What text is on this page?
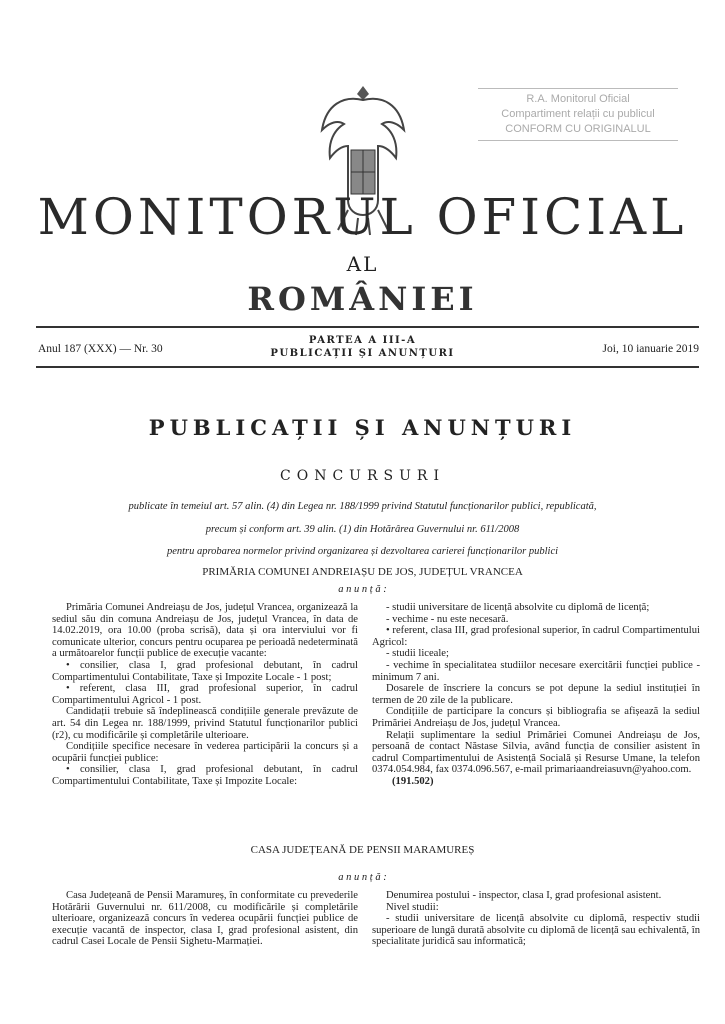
R.A. Monitorul Oficial
Compartiment relații cu publicul
CONFORM CU ORIGINALUL
MONITORUL OFICIAL
AL
ROMÂNIEI
Anul 187 (XXX) — Nr. 30
PARTEA A III-A
PUBLICAȚII ȘI ANUNȚURI	Joi, 10 ianuarie 2019
PUBLICAȚII ȘI ANUNȚURI
CONCURSURI
publicate în temeiul art. 57 alin. (4) din Legea nr. 188/1999 privind Statutul funcționarilor publici, republicată,
precum și conform art. 39 alin. (1) din Hotărârea Guvernului nr. 611/2008
pentru aprobarea normelor privind organizarea și dezvoltarea carierei funcționarilor publici
PRIMĂRIA COMUNEI ANDREIAȘU DE JOS, JUDEȚUL VRANCEA
a n u n ț ă :

Primăria Comunei Andreiașu de Jos, județul Vrancea, organizează la sediul său din comuna Andreiașu de Jos, județul Vrancea, în data de 14.02.2019, ora 10.00 (proba scrisă), data și ora interviului vor fi comunicate ulterior, concurs pentru ocuparea pe perioadă nedeterminată a următoarelor funcții publice de execuție vacante:

• consilier, clasa I, grad profesional debutant, în cadrul Compartimentului Contabilitate, Taxe și Impozite Locale - 1 post;

• referent, clasa III, grad profesional superior, în cadrul Compartimentului Agricol - 1 post.

Candidații trebuie să îndeplinească condițiile generale prevăzute de art. 54 din Legea nr. 188/1999, privind Statutul funcționarilor publici (r2), cu modificările și completările ulterioare.

Condițiile specifice necesare în vederea participării la concurs și a ocupării funcției publice:

• consilier, clasa I, grad profesional debutant, în cadrul Compartimentului Contabilitate, Taxe și Impozite Locale:

- studii universitare de licență absolvite cu diplomă de licență;

- vechime - nu este necesară.

• referent, clasa III, grad profesional superior, în cadrul Compartimentului Agricol:

- studii liceale;

- vechime în specialitatea studiilor necesare exercitării funcției publice - minimum 7 ani.

Dosarele de înscriere la concurs se pot depune la sediul instituției în termen de 20 zile de la publicare.

Condițiile de participare la concurs și bibliografia se afișează la sediul Primăriei Andreiașu de Jos, județul Vrancea.

Relații suplimentare la sediul Primăriei Comunei Andreiașu de Jos, persoană de contact Năstase Silvia, având funcția de consilier asistent în cadrul Compartimentului de Asistență Socială și Resurse Umane, la telefon 0374.054.984, fax 0374.096.567, e-mail primariaandreiasuvn@yahoo.com.

(191.502)

CASA JUDEȚEANĂ DE PENSII MARAMUREȘ
a n u n ț ă :

Casa Județeană de Pensii Maramureș, în conformitate cu prevederile Hotărârii Guvernului nr. 611/2008, cu modificările și completările ulterioare, organizează concurs în vederea ocupării funcției publice de execuție vacantă de inspector, clasa I, grad profesional asistent, din cadrul Casei Locale de Pensii Sighetu-Marmației.

Denumirea postului - inspector, clasa I, grad profesional asistent.

Nivel studii:

- studii universitare de licență absolvite cu diplomă, respectiv studii superioare de lungă durată absolvite cu diplomă de licență sau echivalentă, în specialitate juridică sau informatică;
